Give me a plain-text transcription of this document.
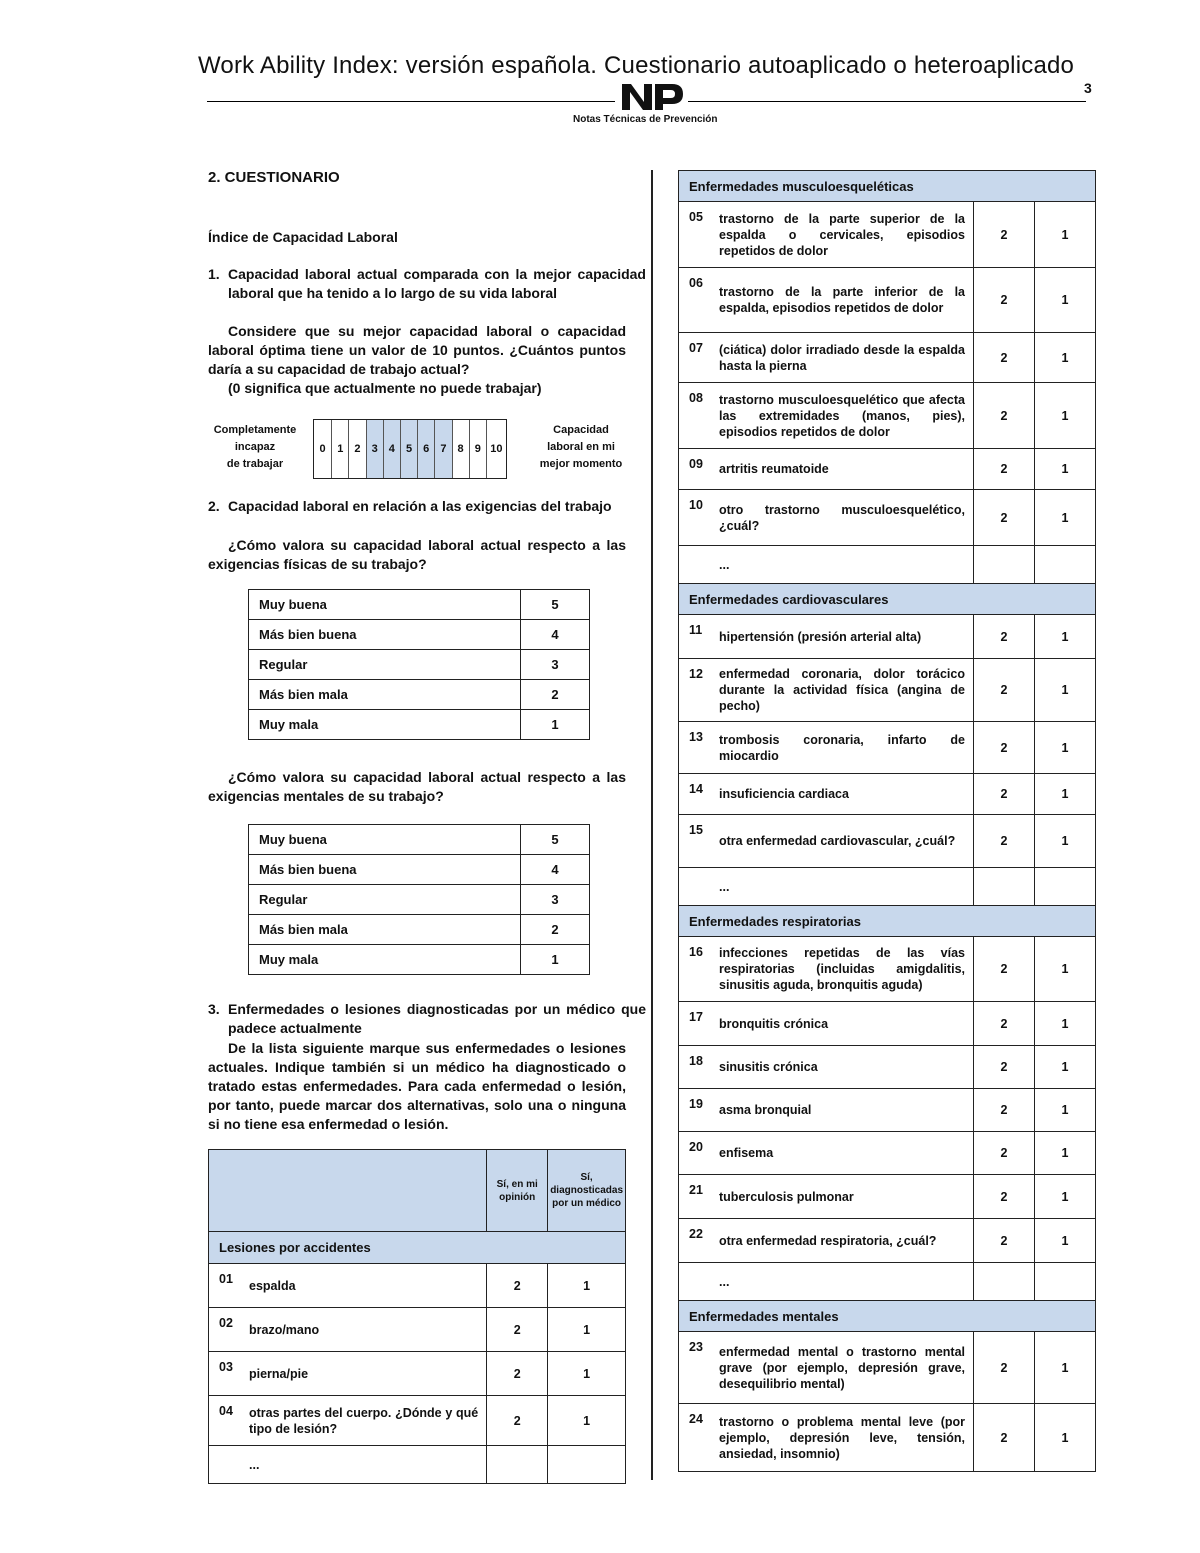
Work Ability Index: versión española. Cuestionario autoaplicado o heteroaplicado
Notas Técnicas de Prevención
3
2. CUESTIONARIO
Índice de Capacidad Laboral
1. Capacidad laboral actual comparada con la mejor capacidad laboral que ha tenido a lo largo de su vida laboral
Considere que su mejor capacidad laboral o capacidad laboral óptima tiene un valor de 10 puntos. ¿Cuántos puntos daría a su capacidad de trabajo actual?
(0 significa que actualmente no puede trabajar)
Completamente
incapaz
de trabajar
0	1	2	3	4	5	6	7	8	9 10
Capacidad
laboral en mi
mejor momento
2. Capacidad laboral en relación a las exigencias del trabajo
¿Cómo valora su capacidad laboral actual respecto a las exigencias físicas de su trabajo?
Muy buena	5
Más bien buena	4
Regular	3
Más bien mala	2
Muy mala	1
¿Cómo valora su capacidad laboral actual respecto a las exigencias mentales de su trabajo?
Muy buena	5
Más bien buena	4
Regular	3
Más bien mala	2
Muy mala	1
3. Enfermedades o lesiones diagnosticadas por un médico que padece actualmente
De la lista siguiente marque sus enfermedades o lesiones actuales. Indique también si un médico ha diagnosticado o tratado estas enfermedades. Para cada enfermedad o lesión, por tanto, puede marcar dos alternativas, solo una o ninguna si no tiene esa enfermedad o lesión.
		Sí, en mi opinión	Sí, diagnosticadas por un médico
Lesiones por accidentes			
01	espalda	2	1
02	brazo/mano	2	1
03	pierna/pie	2	1
04	otras partes del cuerpo. ¿Dónde y qué tipo de lesión?	2	1
	...		
Enfermedades musculoesqueléticas			
05	trastorno de la parte superior de la espalda o cervicales, episodios repetidos de dolor	2	1
06	trastorno de la parte inferior de la espalda, episodios repetidos de dolor	2	1
07	(ciática) dolor irradiado desde la espalda hasta la pierna	2	1
08	trastorno musculoesquelético que afecta las extremidades (manos, pies), episodios repetidos de dolor	2	1
09	artritis reumatoide	2	1
10	otro trastorno musculoesquelético, ¿cuál?	2	1
	...		
Enfermedades cardiovasculares			
11	hipertensión (presión arterial alta)	2	1
12	enfermedad coronaria, dolor torácico durante la actividad física (angina de pecho)	2	1
13	trombosis coronaria, infarto de miocardio	2	1
14	insuficiencia cardiaca	2	1
15	otra enfermedad cardiovascular, ¿cuál?	2	1
	...		
Enfermedades respiratorias			
16	infecciones repetidas de las vías respiratorias (incluidas amigdalitis, sinusitis aguda, bronquitis aguda)	2	1
17	bronquitis crónica	2	1
18	sinusitis crónica	2	1
19	asma bronquial	2	1
20	enfisema	2	1
21	tuberculosis pulmonar	2	1
22	otra enfermedad respiratoria, ¿cuál?	2	1
	...		
Enfermedades mentales			
23	enfermedad mental o trastorno mental grave (por ejemplo, depresión grave, desequilibrio mental)	2	1
24	trastorno o problema mental leve (por ejemplo, depresión leve, tensión, ansiedad, insomnio)	2	1
